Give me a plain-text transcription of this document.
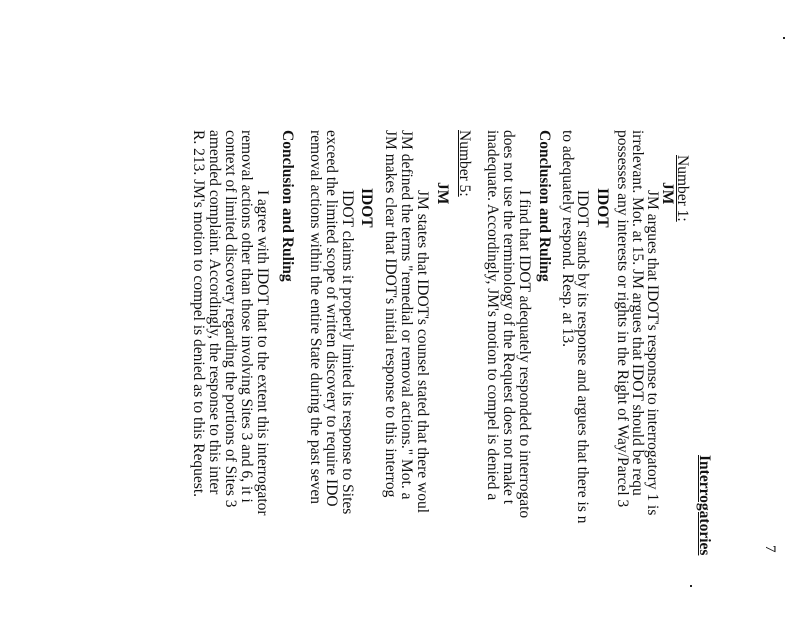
7
Interrogatories
Number 1:
JM
JM argues that IDOT's response to interrogatory 1 is
irrelevant. Mot. at 15. JM argues that IDOT should be requ
possesses any interests or rights in the Right of Way/Parcel 3
IDOT
IDOT stands by its response and argues that there is n
to adequately respond. Resp. at 13.
Conclusion and Ruling
I find that IDOT adequately responded to interrogato
does not use the terminology of the Request does not make t
inadequate. Accordingly, JM's motion to compel is denied a
Number 5:
JM
JM states that IDOT's counsel stated that there woul
JM defined the terms "remedial or removal actions." Mot. a
JM makes clear that IDOT's initial response to this interrog
IDOT
IDOT claims it properly limited its response to Sites
exceed the limited scope of written discovery to require IDO
removal actions within the entire State during the past seven
Conclusion and Ruling
I agree with IDOT that to the extent this interrogator
removal actions other than those involving Sites 3 and 6, it i
context of limited discovery regarding the portions of Sites 3
amended complaint. Accordingly, the response to this inter
R. 213. JM's motion to compel is denied as to this Request.
